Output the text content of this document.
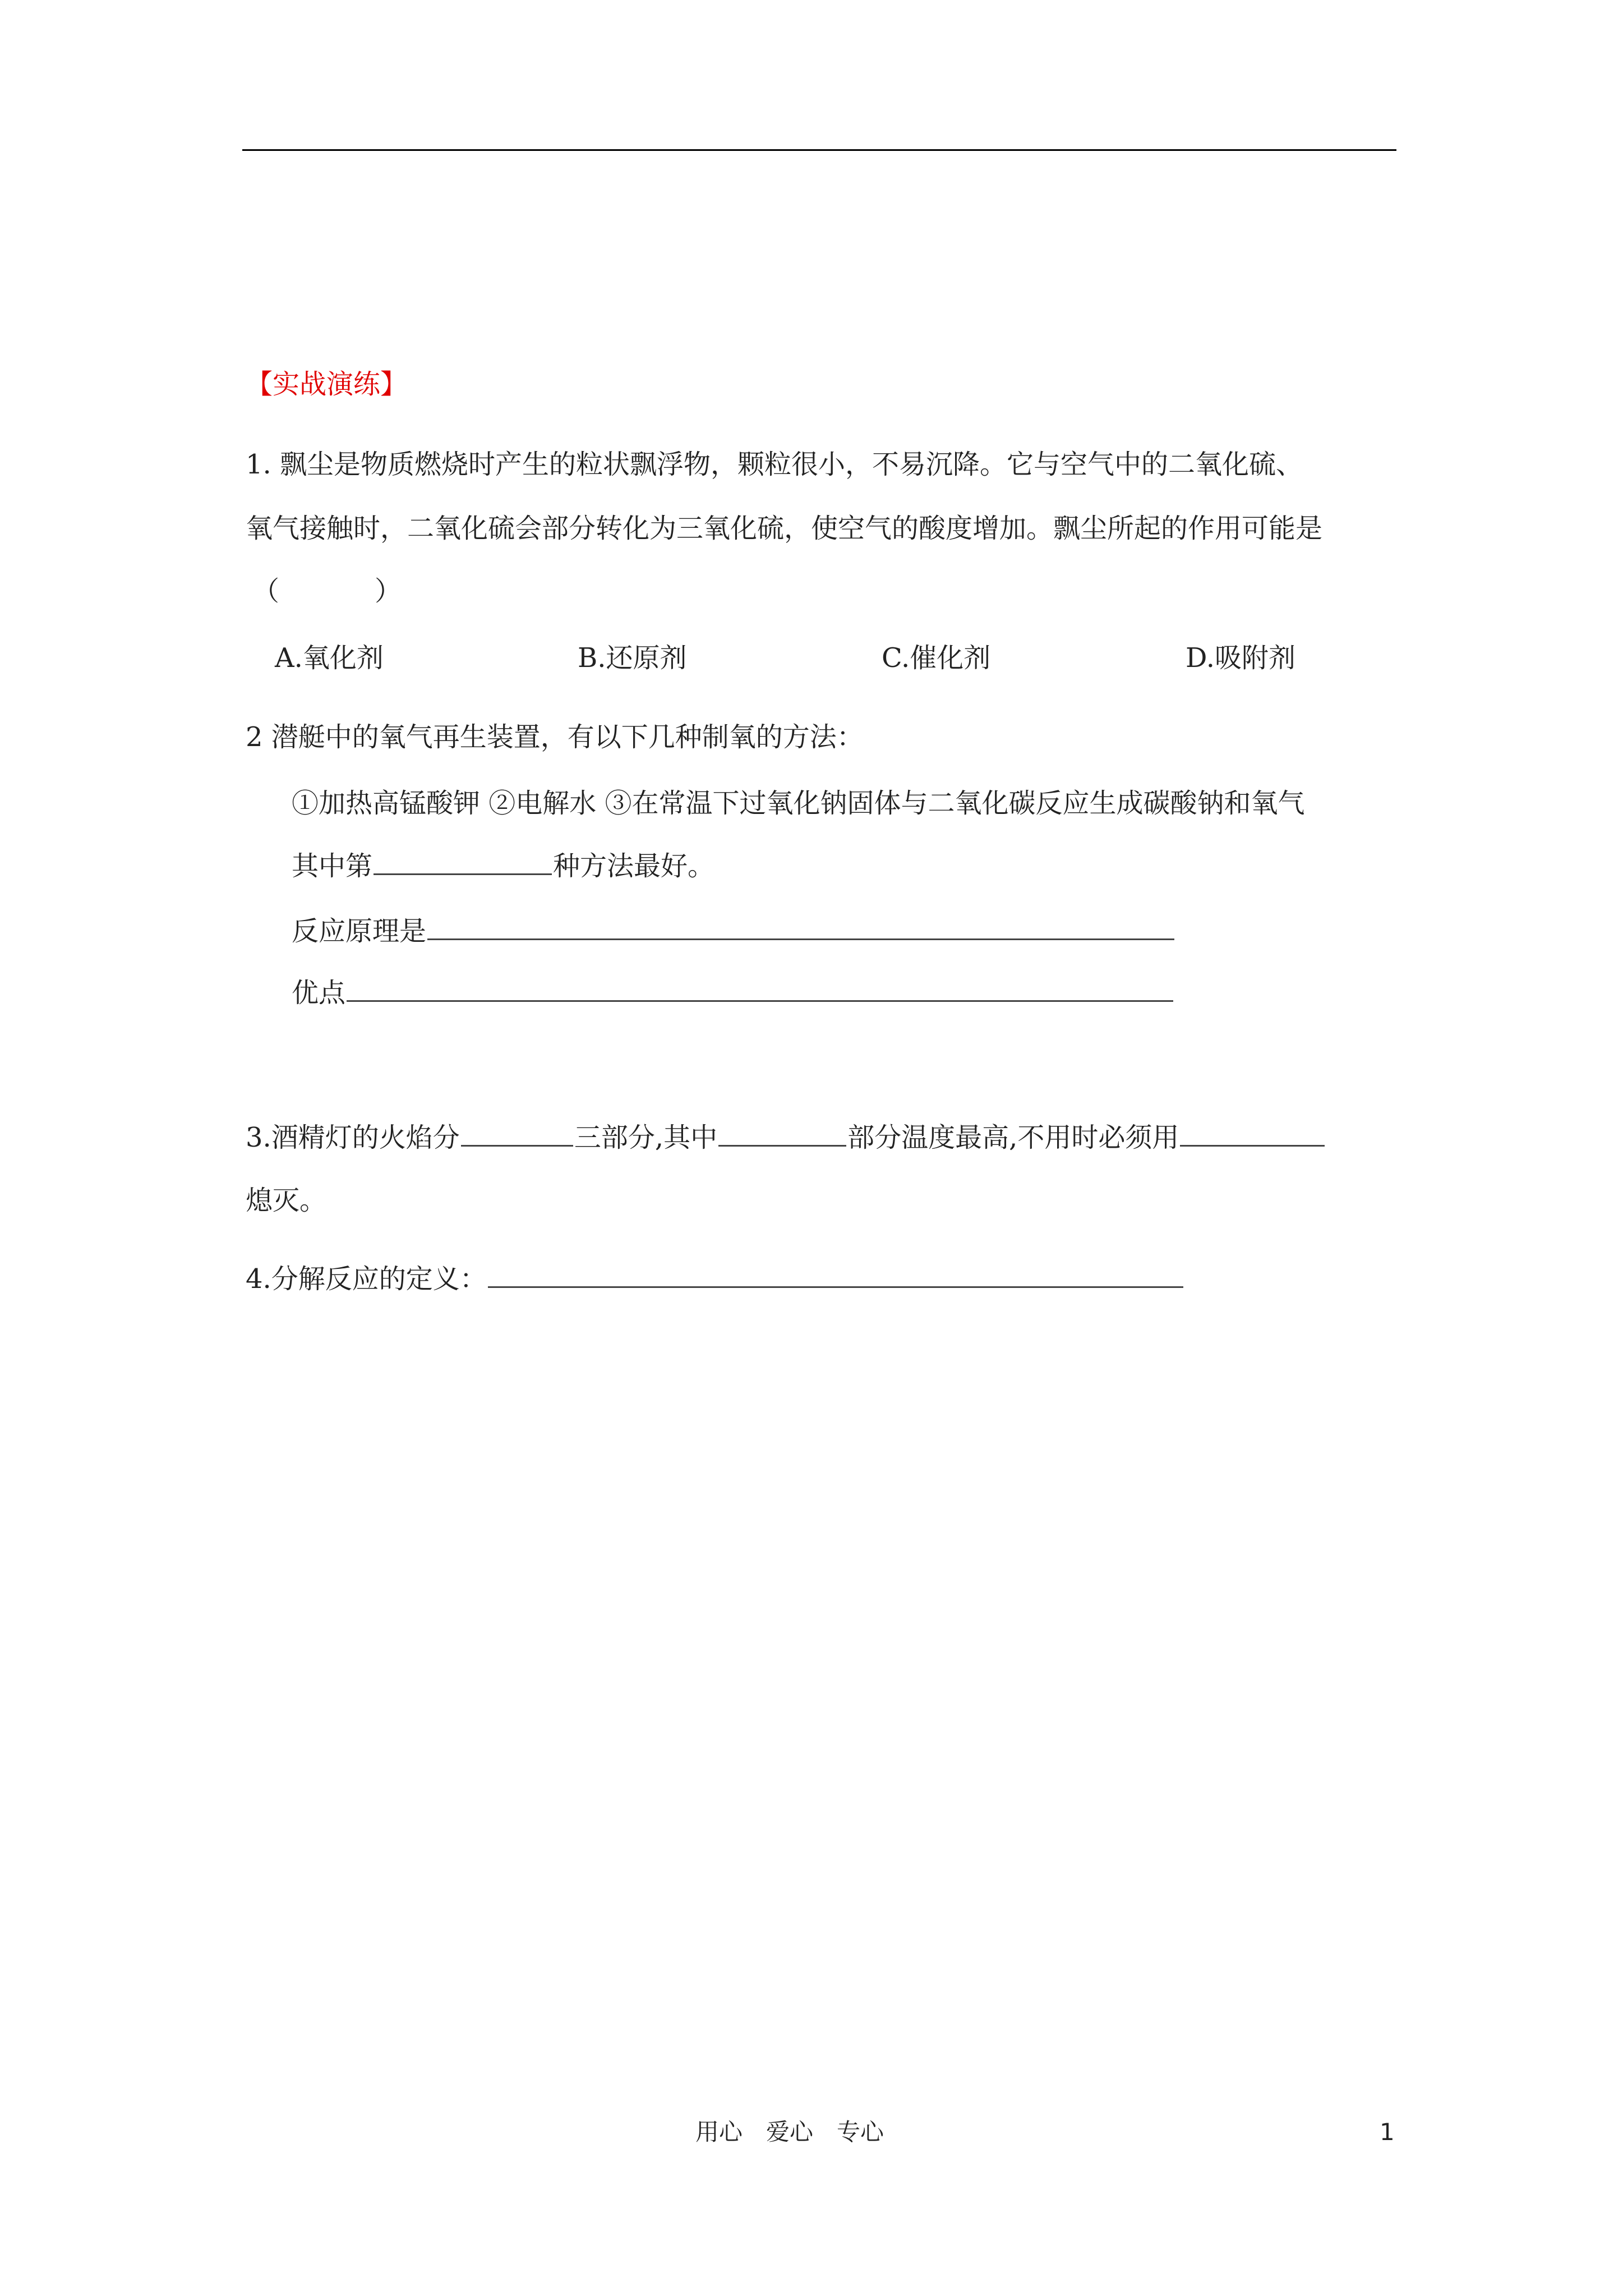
【实战演练】
1. 飘尘是物质燃烧时产生的粒状飘浮物，颗粒很小，不易沉降。它与空气中的二氧化硫、
氧气接触时，二氧化硫会部分转化为三氧化硫，使空气的酸度增加。飘尘所起的作用可能是
（	）
A.氧化剂	B.还原剂	C.催化剂	D.吸附剂
2 潜艇中的氧气再生装置，有以下几种制氧的方法：
①加热高锰酸钾 ②电解水 ③在常温下过氧化钠固体与二氧化碳反应生成碳酸钠和氧气
其中第	种方法最好。
反应原理是
优点
3.酒精灯的火焰分	三部分,其中	部分温度最高,不用时必须用
熄灭。
4.分解反应的定义：
用心　爱心　专心	1
